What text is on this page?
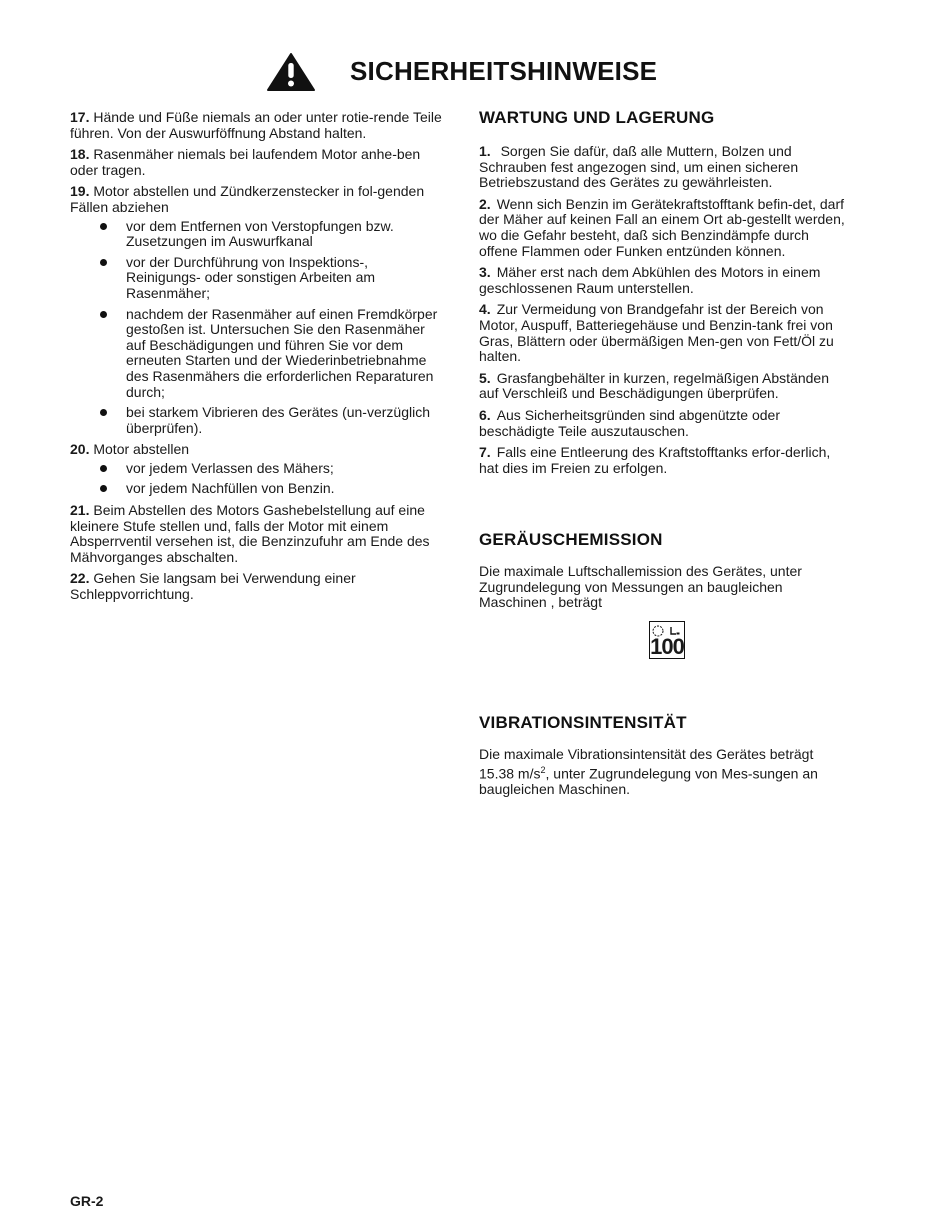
SICHERHEITSHINWEISE

17. Hände und Füße niemals an oder unter rotie-rende Teile führen. Von der Auswurföffnung Abstand halten.

18. Rasenmäher niemals bei laufendem Motor anhe-ben oder tragen.

19. Motor abstellen und Zündkerzenstecker in fol-genden Fällen abziehen

vor dem Entfernen von Verstopfungen bzw. Zusetzungen im Auswurfkanal
vor der Durchführung von Inspektions-, Reinigungs- oder sonstigen Arbeiten am Rasenmäher;
nachdem der Rasenmäher auf einen Fremdkörper gestoßen ist. Untersuchen Sie den Rasenmäher auf Beschädigungen und führen Sie vor dem erneuten Starten und der Wiederinbetriebnahme des Rasenmähers die erforderlichen Reparaturen durch;
bei starkem Vibrieren des Gerätes (un-verzüglich überprüfen).

20. Motor abstellen

vor jedem Verlassen des Mähers;
vor jedem Nachfüllen von Benzin.

21. Beim Abstellen des Motors Gashebelstellung auf eine kleinere Stufe stellen und, falls der Motor mit einem Absperrventil versehen ist, die Benzinzufuhr am Ende des Mähvorganges abschalten.

22. Gehen Sie langsam bei Verwendung einer Schleppvorrichtung.

WARTUNG UND LAGERUNG

1. Sorgen Sie dafür, daß alle Muttern, Bolzen und Schrauben fest angezogen sind, um einen sicheren Betriebszustand des Gerätes zu gewährleisten.

2. Wenn sich Benzin im Gerätekraftstofftank befin-det, darf der Mäher auf keinen Fall an einem Ort ab-gestellt werden, wo die Gefahr besteht, daß sich Benzindämpfe durch offene Flammen oder Funken entzünden können.

3. Mäher erst nach dem Abkühlen des Motors in einem geschlossenen Raum unterstellen.

4. Zur Vermeidung von Brandgefahr ist der Bereich von Motor, Auspuff, Batteriegehäuse und Benzin-tank frei von Gras, Blättern oder übermäßigen Men-gen von Fett/Öl zu halten.

5. Grasfangbehälter in kurzen, regelmäßigen Abständen auf Verschleiß und Beschädigungen überprüfen.

6. Aus Sicherheitsgründen sind abgenützte oder beschädigte Teile auszutauschen.

7. Falls eine Entleerung des Kraftstofftanks erfor-derlich, hat dies im Freien zu erfolgen.

GERÄUSCHEMISSION

Die maximale Luftschallemission des Gerätes, unter Zugrundelegung von Messungen an baugleichen Maschinen , beträgt

100
VIBRATIONSINTENSITÄT

Die maximale Vibrationsintensität des Gerätes beträgt 15.38 $m/s^2$, unter Zugrundelegung von Mes-sungen an baugleichen Maschinen.

GR-2
